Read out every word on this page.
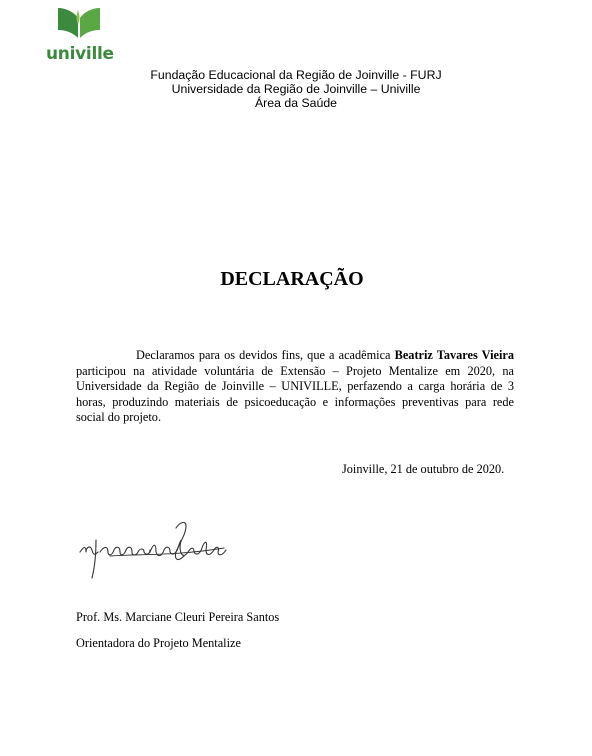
univille
Fundação Educacional da Região de Joinville - FURJ
Universidade da Região de Joinville – Univille
Área da Saúde
DECLARAÇÃO
Declaramos para os devidos fins, que a acadêmica Beatriz Tavares Vieira participou na atividade voluntária de Extensão – Projeto Mentalize em 2020, na Universidade da Região de Joinville – UNIVILLE, perfazendo a carga horária de 3 horas, produzindo materiais de psicoeducação e informações preventivas para rede social do projeto.
Joinville, 21 de outubro de 2020.
Prof. Ms. Marciane Cleuri Pereira Santos
Orientadora do Projeto Mentalize
